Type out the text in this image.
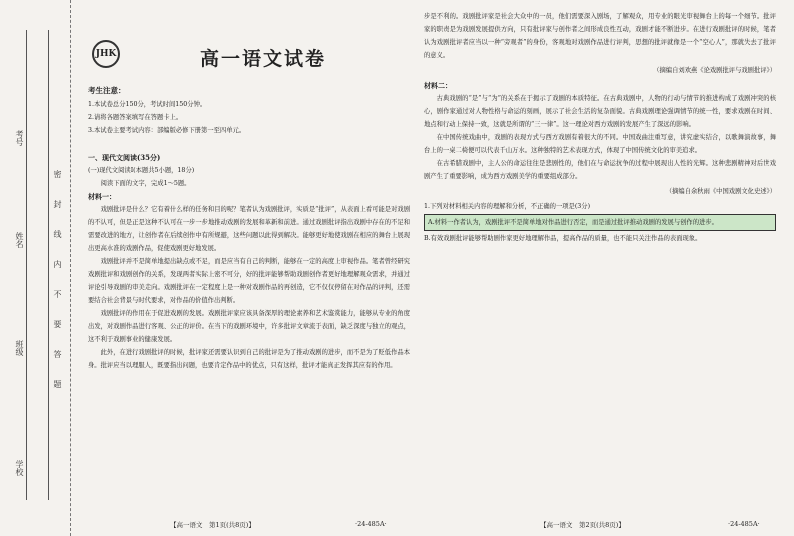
考号
姓名
班级
学校
密
封
线
内
不
要
答
题
JHK	高一语文试卷
考生注意：

1.本试卷总分150分，考试时间150分钟。

2.请将各题答案填写在答题卡上。

3.本试卷主要考试内容：部编版必修下册第一至四单元。

一、现代文阅读(35分)
(一)现代文阅读Ⅰ(本题共5小题，18分)

阅读下面的文字，完成1～5题。

材料一：

戏剧批评是什么？它有着什么样的任务和目的呢？笔者认为戏剧批评，实质是“批评”，从表面上看可能是对戏剧的不认可，但是正是这种不认可在一步一步地推动戏剧的发展和革新和前进。通过戏剧批评指出戏剧中存在的不足和需要改进的地方，让创作者在后续创作中有所规避，这些问题以此得到解决。能够更好地使戏剧在相应的舞台上展现出更高水准的戏剧作品，促使戏剧更好地发展。

戏剧批评并不是简单地提出缺点或不足，而是应当有自己的判断，能够在一定的高度上审视作品。笔者曾经研究戏剧批评和戏剧创作的关系，发现两者实际上密不可分，好的批评能够帮助戏剧创作者更好地理解观众需求，并通过评论引导戏剧的审美走向。戏剧批评在一定程度上是一种对戏剧作品的再创造，它不仅仅停留在对作品的评判，还需要结合社会背景与时代要求，对作品的价值作出判断。

戏剧批评的作用在于促进戏剧的发展。戏剧批评家应该具备深厚的理论素养和艺术鉴赏能力，能够从专业的角度出发，对戏剧作品进行客观、公正的评价。在当下的戏剧环境中，许多批评文章流于表面，缺乏深度与独立的观点，这不利于戏剧事业的健康发展。

此外，在进行戏剧批评的时候，批评家还需要认识到自己的批评是为了推动戏剧的进步，而不是为了贬低作品本身。批评应当以理服人，既要指出问题，也要肯定作品中的优点，只有这样，批评才能真正发挥其应有的作用。

步是不利的。戏剧批评家是社会大众中的一员，他们需要深入剧场，了解观众，用专业的眼光审视舞台上的每一个细节。批评家的职责是为戏剧发展提供方向，只有批评家与创作者之间形成良性互动，戏剧才能不断进步。在进行戏剧批评的时候，笔者认为戏剧批评者应当以一种“旁观者”的身份，客观地对戏剧作品进行评判，思想的批评就像是一个“空心人”，那就失去了批评的意义。

（摘编自刘欢燕《论戏剧批评与戏剧批评》）
材料二：

古典戏剧的“是”与“为”的关系在于揭示了戏剧的本质特征。在古典戏剧中，人物的行动与情节的推进构成了戏剧冲突的核心，剧作家通过对人物性格与命运的刻画，展示了社会生活的复杂面貌。古典戏剧理论强调情节的统一性，要求戏剧在时间、地点和行动上保持一致，这就是所谓的“三一律”。这一理论对西方戏剧的发展产生了深远的影响。

在中国传统戏曲中，戏剧的表现方式与西方戏剧有着很大的不同。中国戏曲注重写意，讲究虚实结合，以歌舞演故事，舞台上的一桌二椅便可以代表千山万水。这种独特的艺术表现方式，体现了中国传统文化的审美追求。

在古希腊戏剧中，主人公的命运往往是悲剧性的，他们在与命运抗争的过程中展现出人性的光辉。这种悲剧精神对后世戏剧产生了重要影响，成为西方戏剧美学的重要组成部分。

（摘编自余秋雨《中国戏剧文化史述》）

1.下列对材料相关内容的理解和分析，不正确的一项是(3分)

A.材料一作者认为，戏剧批评不是简单地对作品进行否定，而是通过批评推动戏剧的发展与创作的进步。
B.有效戏剧批评能够帮助剧作家更好地理解作品，提高作品的质量，也不能只关注作品的表面现象。
【高一语文　第1页(共8页)】	·24-485A·	【高一语文　第2页(共8页)】	·24-485A·
